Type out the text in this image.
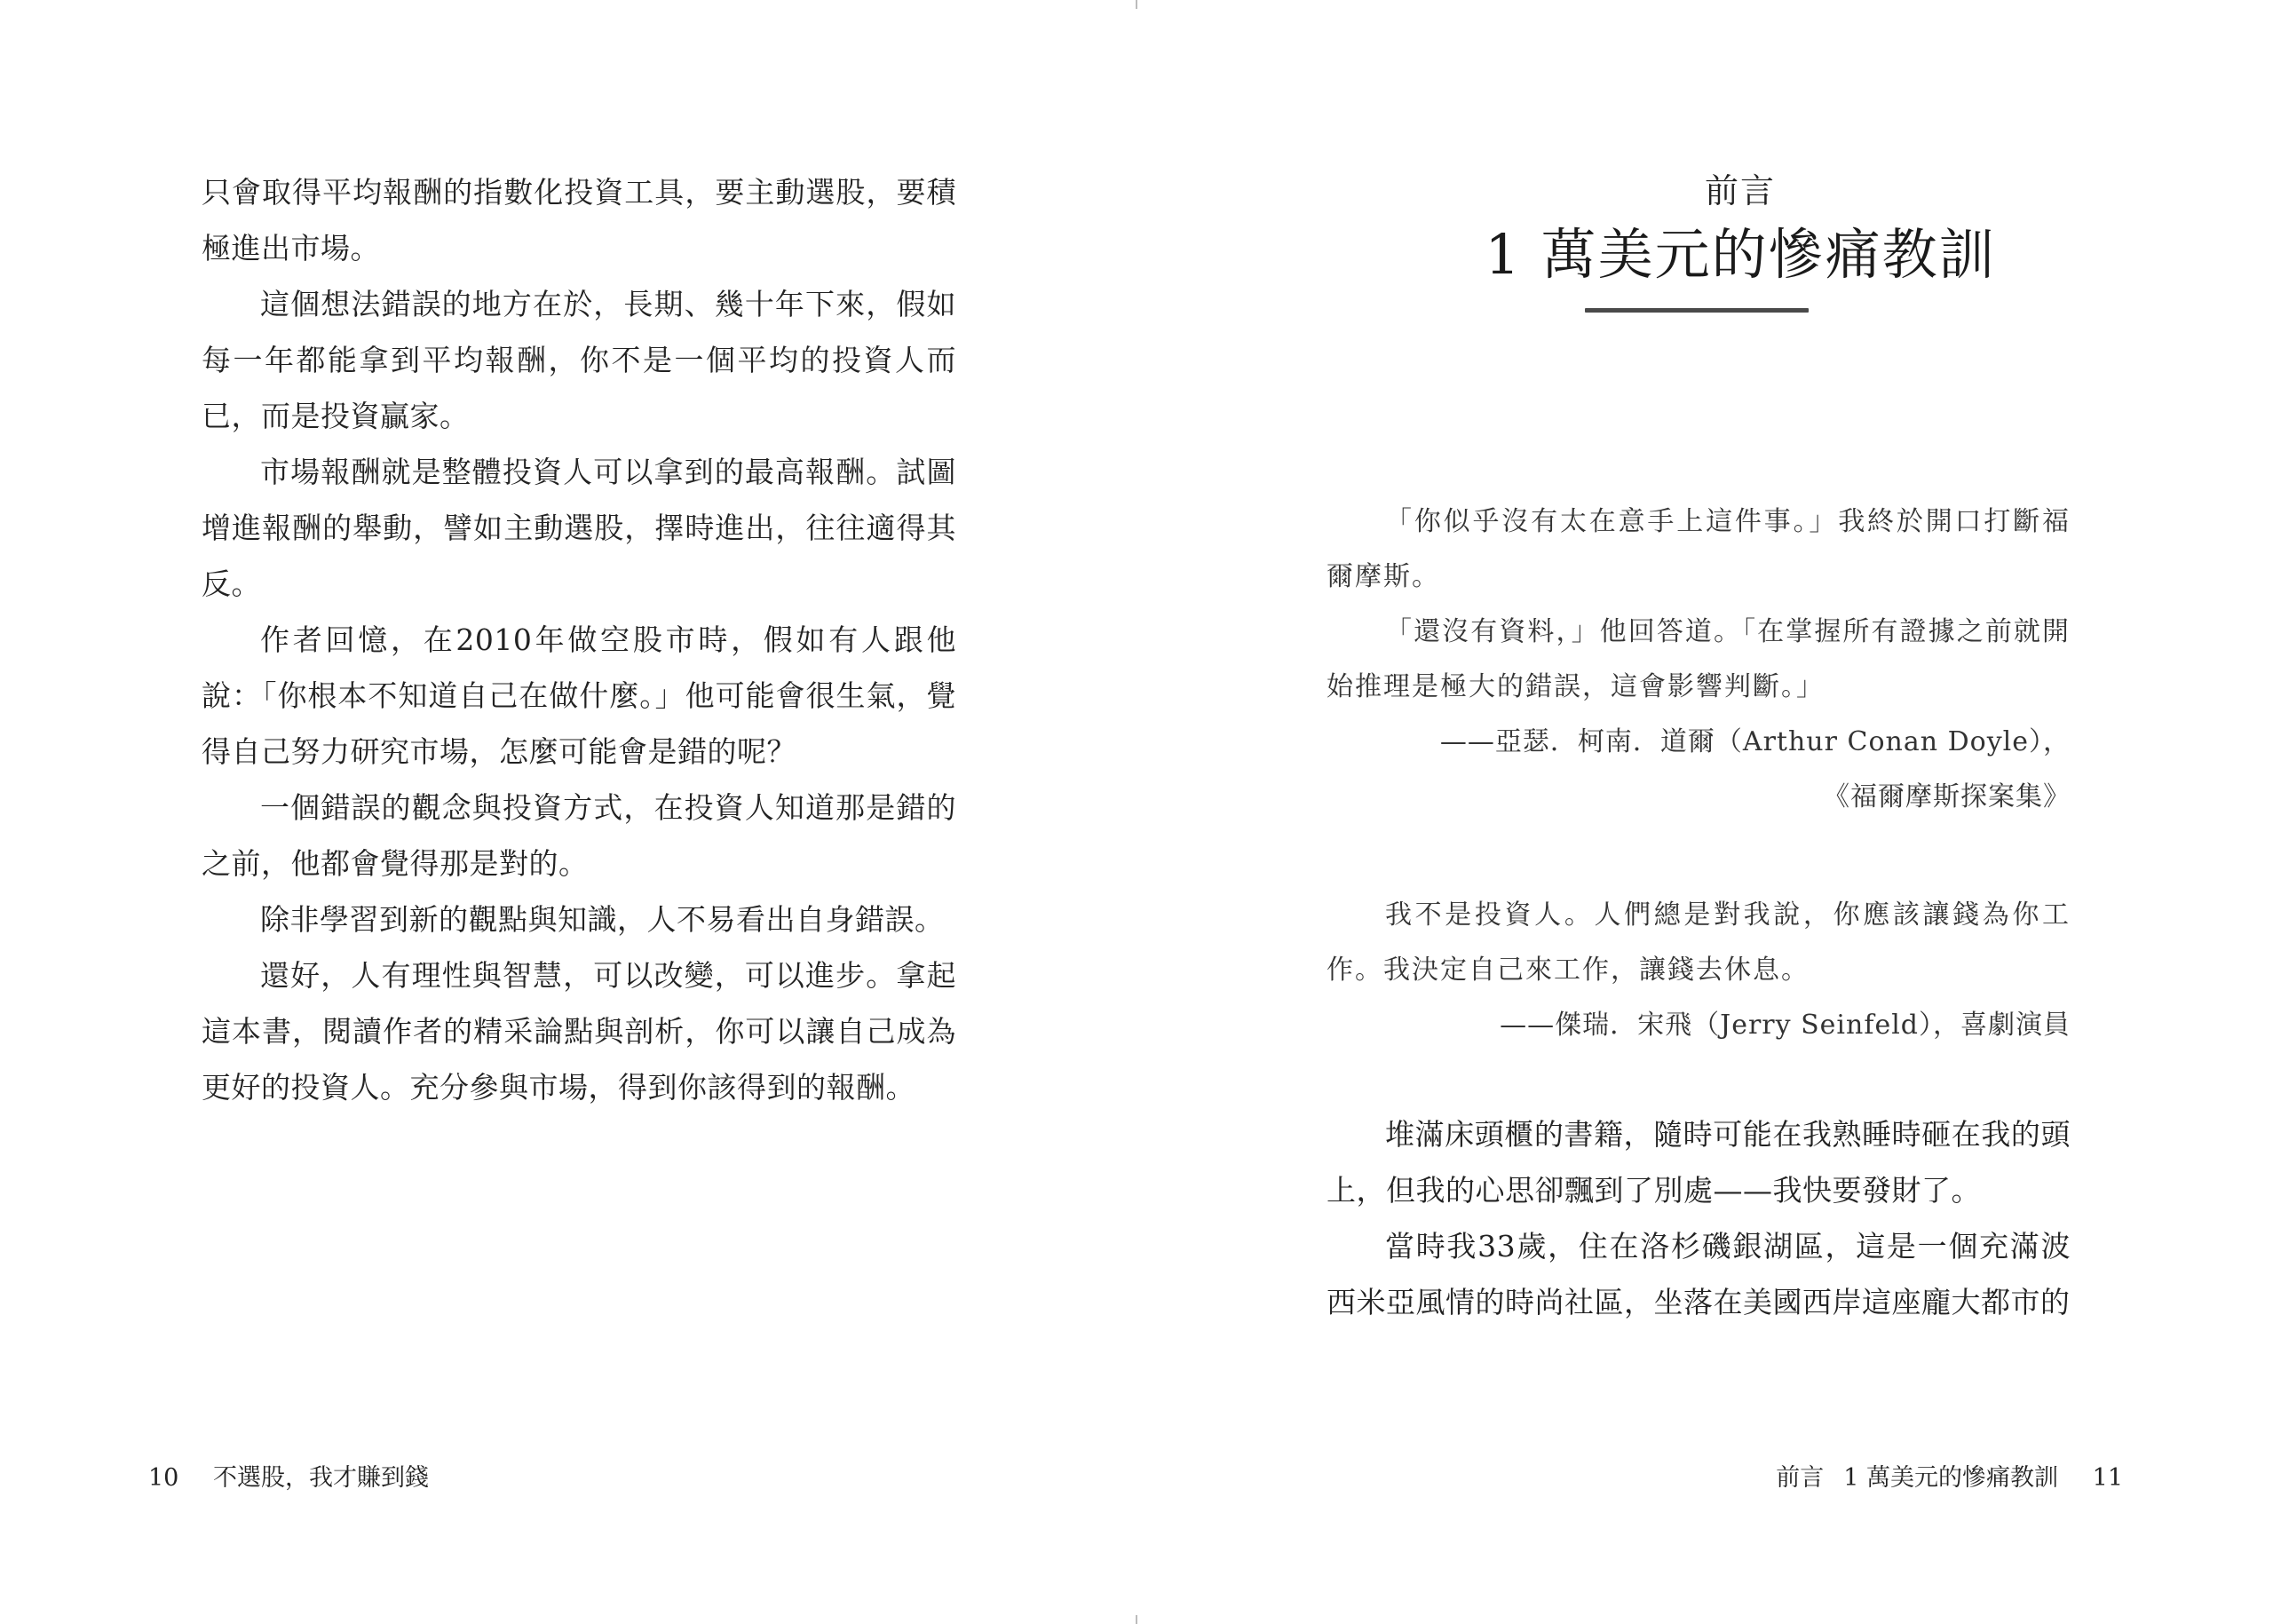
只會取得平均報酬的指數化投資工具，要主動選股，要積極進出市場。

這個想法錯誤的地方在於，長期、幾十年下來，假如每一年都能拿到平均報酬，你不是一個平均的投資人而已，而是投資贏家。

市場報酬就是整體投資人可以拿到的最高報酬。試圖增進報酬的舉動，譬如主動選股，擇時進出，往往適得其反。

作者回憶，在2010年做空股市時，假如有人跟他說：「你根本不知道自己在做什麼。」他可能會很生氣，覺得自己努力研究市場，怎麼可能會是錯的呢？

一個錯誤的觀念與投資方式，在投資人知道那是錯的之前，他都會覺得那是對的。

除非學習到新的觀點與知識，人不易看出自身錯誤。

還好，人有理性與智慧，可以改變，可以進步。拿起這本書，閱讀作者的精采論點與剖析，你可以讓自己成為更好的投資人。充分參與市場，得到你該得到的報酬。

10 不選股，我才賺到錢
前言
1 萬美元的慘痛教訓

「你似乎沒有太在意手上這件事。」我終於開口打斷福爾摩斯。

「還沒有資料，」他回答道。「在掌握所有證據之前就開始推理是極大的錯誤，這會影響判斷。」

——亞瑟．柯南．道爾（Arthur Conan Doyle），

《福爾摩斯探案集》

我不是投資人。人們總是對我說，你應該讓錢為你工作。我決定自己來工作，讓錢去休息。

——傑瑞．宋飛（Jerry Seinfeld），喜劇演員

堆滿床頭櫃的書籍，隨時可能在我熟睡時砸在我的頭上，但我的心思卻飄到了別處——我快要發財了。

當時我33歲，住在洛杉磯銀湖區，這是一個充滿波西米亞風情的時尚社區，坐落在美國西岸這座龐大都市的

前言 1 萬美元的慘痛教訓 11
